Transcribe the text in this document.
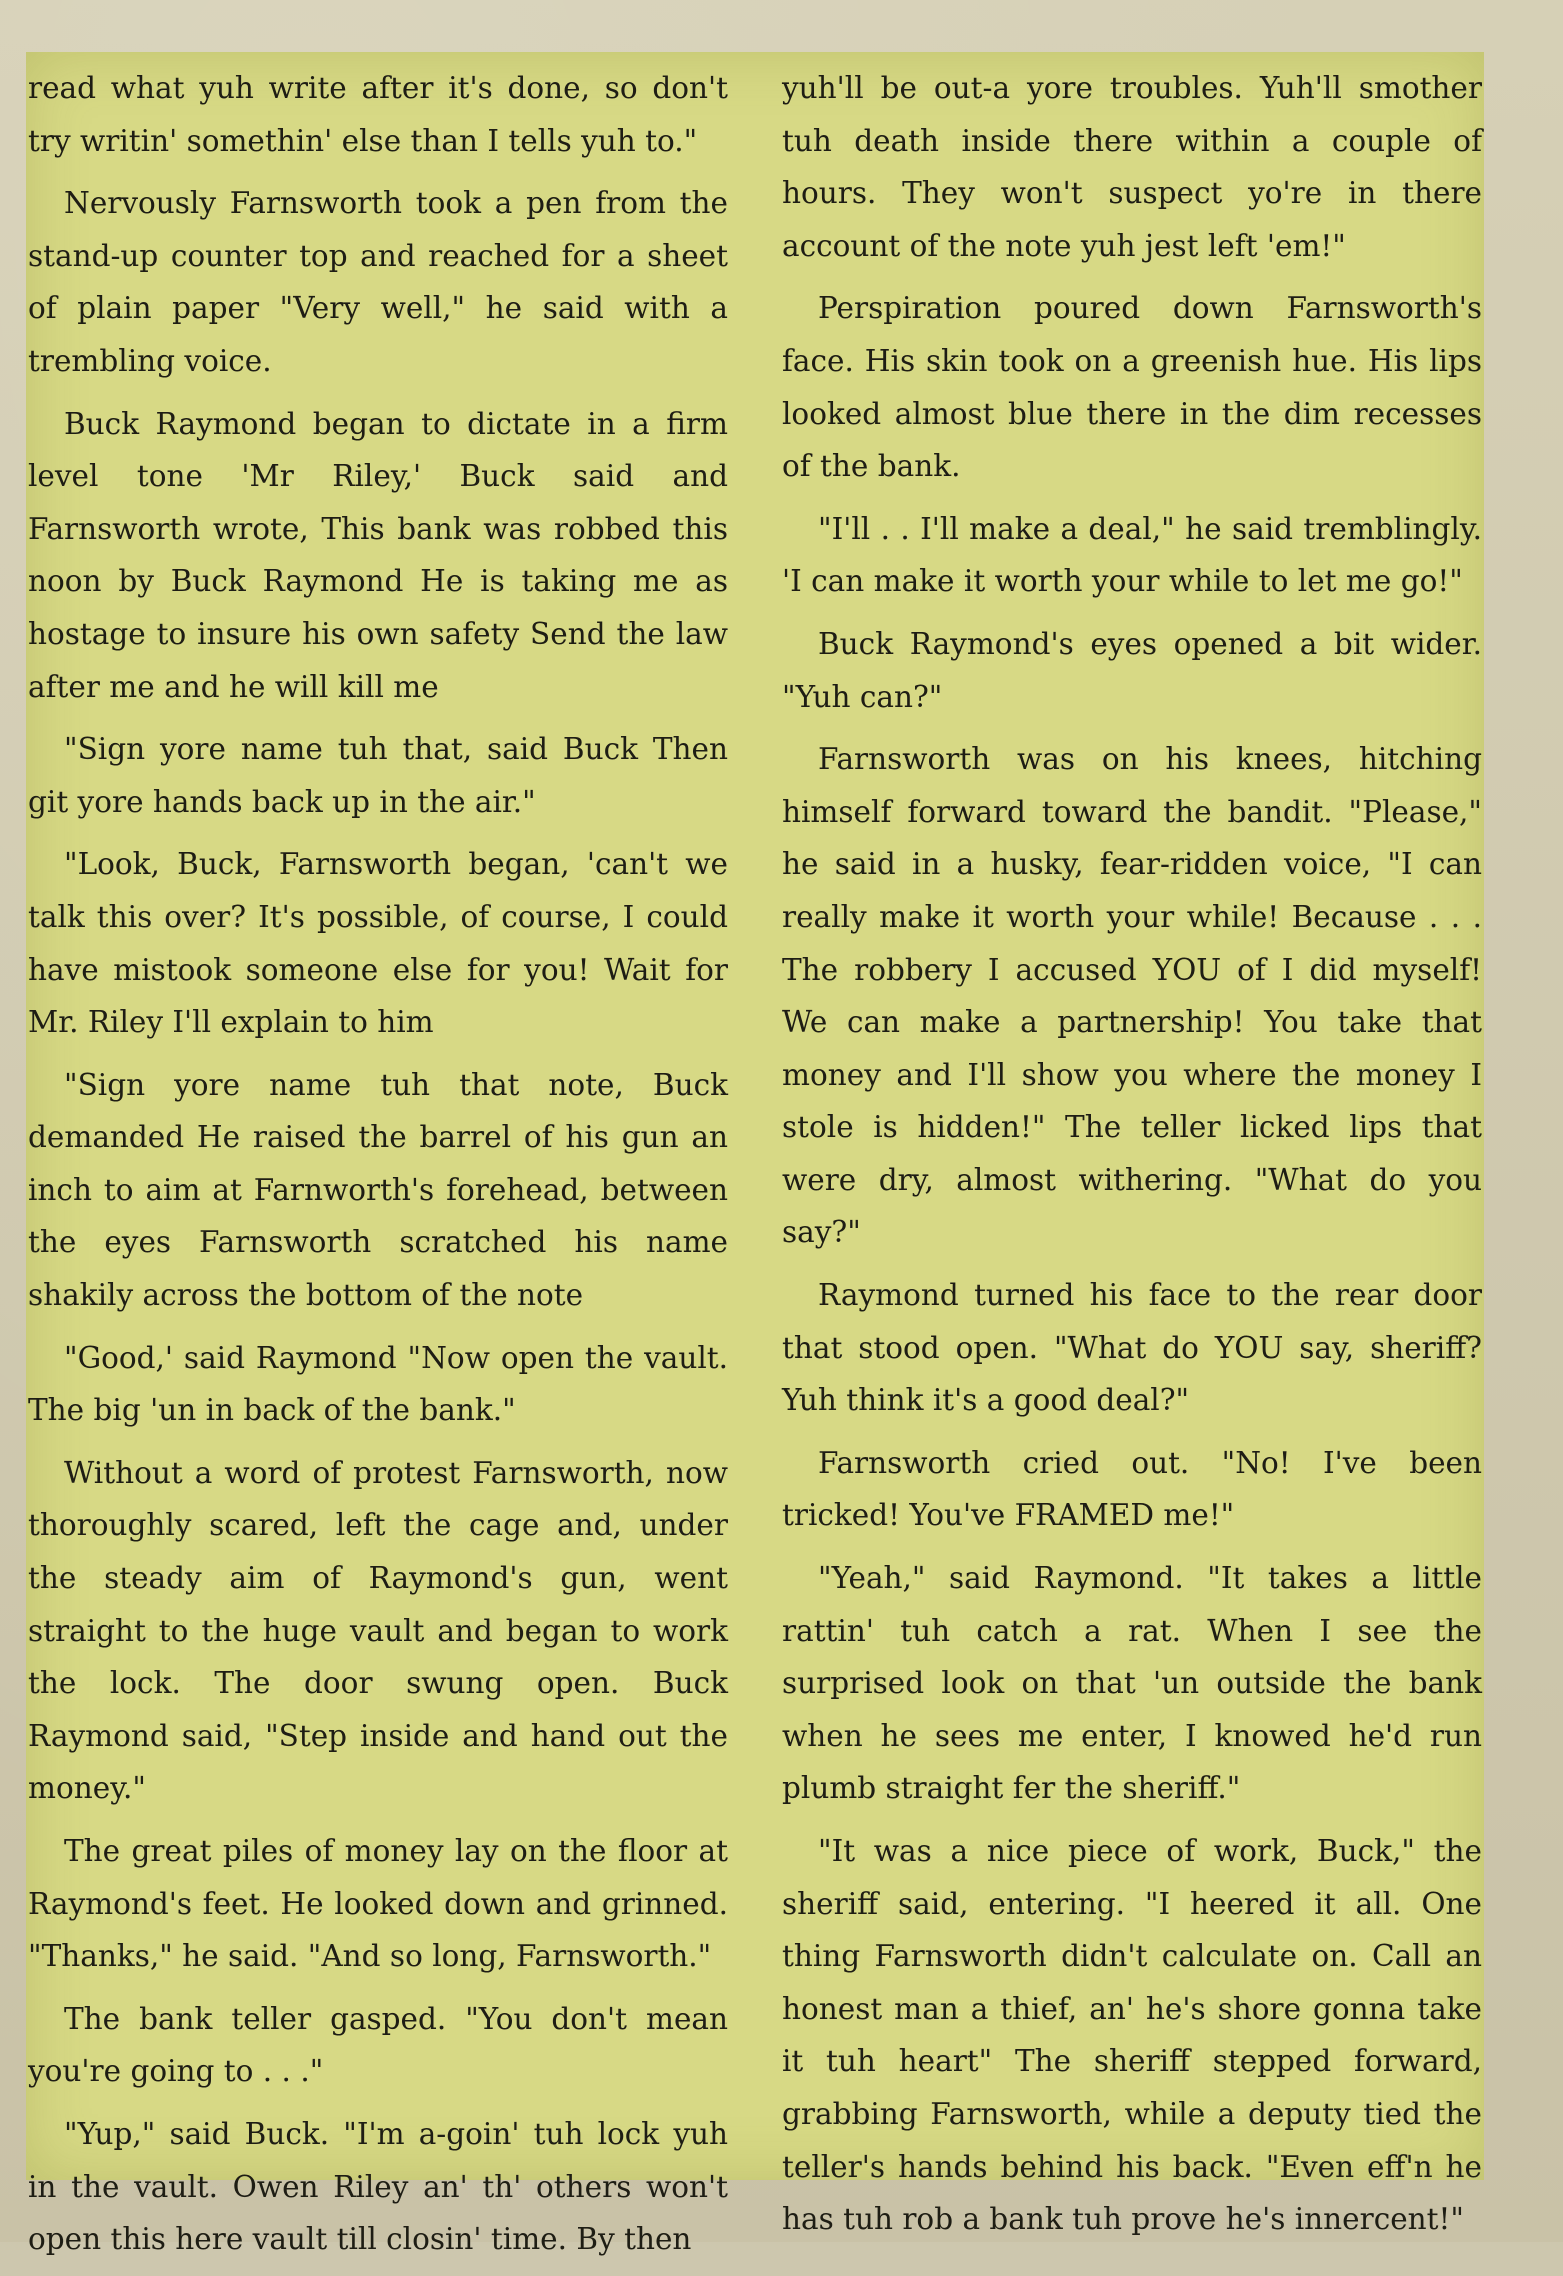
read what yuh write after it's done, so don't try writin' somethin' else than I tells yuh to."

Nervously Farnsworth took a pen from the stand-up counter top and reached for a sheet of plain paper "Very well," he said with a trembling voice.

Buck Raymond began to dictate in a firm level tone 'Mr Riley,' Buck said and Farnsworth wrote, This bank was robbed this noon by Buck Raymond He is taking me as hostage to insure his own safety Send the law after me and he will kill me

"Sign yore name tuh that, said Buck Then git yore hands back up in the air."

"Look, Buck, Farnsworth began, 'can't we talk this over? It's possible, of course, I could have mistook someone else for you! Wait for Mr. Riley I'll explain to him

"Sign yore name tuh that note, Buck demanded He raised the barrel of his gun an inch to aim at Farnworth's forehead, between the eyes Farnsworth scratched his name shakily across the bottom of the note

"Good,' said Raymond "Now open the vault. The big 'un in back of the bank."

Without a word of protest Farnsworth, now thoroughly scared, left the cage and, under the steady aim of Raymond's gun, went straight to the huge vault and began to work the lock. The door swung open. Buck Raymond said, "Step inside and hand out the money."

The great piles of money lay on the floor at Raymond's feet. He looked down and grinned. "Thanks," he said. "And so long, Farnsworth."

The bank teller gasped. "You don't mean you're going to . . ."

"Yup," said Buck. "I'm a-goin' tuh lock yuh in the vault. Owen Riley an' th' others won't open this here vault till closin' time. By then

yuh'll be out-a yore troubles. Yuh'll smother tuh death inside there within a couple of hours. They won't suspect yo're in there account of the note yuh jest left 'em!"

Perspiration poured down Farnsworth's face. His skin took on a greenish hue. His lips looked almost blue there in the dim recesses of the bank.

"I'll . . I'll make a deal," he said tremblingly. 'I can make it worth your while to let me go!"

Buck Raymond's eyes opened a bit wider. "Yuh can?"

Farnsworth was on his knees, hitching himself forward toward the bandit. "Please," he said in a husky, fear-ridden voice, "I can really make it worth your while! Because . . . The robbery I accused YOU of I did myself! We can make a partnership! You take that money and I'll show you where the money I stole is hidden!" The teller licked lips that were dry, almost withering. "What do you say?"

Raymond turned his face to the rear door that stood open. "What do YOU say, sheriff? Yuh think it's a good deal?"

Farnsworth cried out. "No! I've been tricked! You've FRAMED me!"

"Yeah," said Raymond. "It takes a little rattin' tuh catch a rat. When I see the surprised look on that 'un outside the bank when he sees me enter, I knowed he'd run plumb straight fer the sheriff."

"It was a nice piece of work, Buck," the sheriff said, entering. "I heered it all. One thing Farnsworth didn't calculate on. Call an honest man a thief, an' he's shore gonna take it tuh heart" The sheriff stepped forward, grabbing Farnsworth, while a deputy tied the teller's hands behind his back. "Even eff'n he has tuh rob a bank tuh prove he's innercent!"
